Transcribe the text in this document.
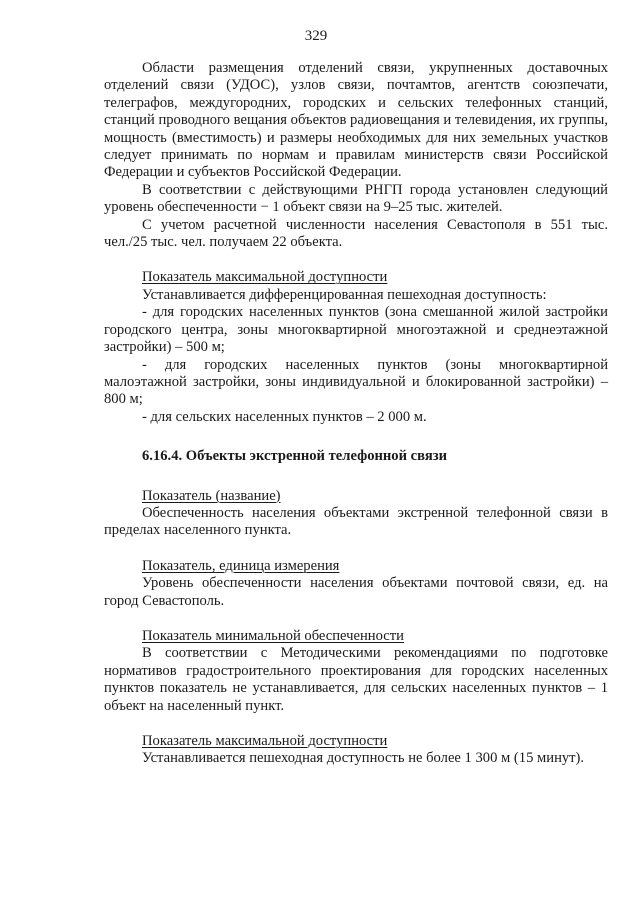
329

Области размещения отделений связи, укрупненных доставочных отделений связи (УДОС), узлов связи, почтамтов, агентств союзпечати, телеграфов, междугородних, городских и сельских телефонных станций, станций проводного вещания объектов радиовещания и телевидения, их группы, мощность (вместимость) и размеры необходимых для них земельных участков следует принимать по нормам и правилам министерств связи Российской Федерации и субъектов Российской Федерации.

В соответствии с действующими РНГП города установлен следующий уровень обеспеченности − 1 объект связи на 9–25 тыс. жителей.

С учетом расчетной численности населения Севастополя в 551 тыс. чел./25 тыс. чел. получаем 22 объекта.

Показатель максимальной доступности

Устанавливается дифференцированная пешеходная доступность:

- для городских населенных пунктов (зона смешанной жилой застройки городского центра, зоны многоквартирной многоэтажной и среднеэтажной застройки) – 500 м;

- для городских населенных пунктов (зоны многоквартирной малоэтажной застройки, зоны индивидуальной и блокированной застройки) – 800 м;

- для сельских населенных пунктов – 2 000 м.

6.16.4. Объекты экстренной телефонной связи

Показатель (название)

Обеспеченность населения объектами экстренной телефонной связи в пределах населенного пункта.

Показатель, единица измерения

Уровень обеспеченности населения объектами почтовой связи, ед. на город Севастополь.

Показатель минимальной обеспеченности

В соответствии с Методическими рекомендациями по подготовке нормативов градостроительного проектирования для городских населенных пунктов показатель не устанавливается, для сельских населенных пунктов – 1 объект на населенный пункт.

Показатель максимальной доступности

Устанавливается пешеходная доступность не более 1 300 м (15 минут).
